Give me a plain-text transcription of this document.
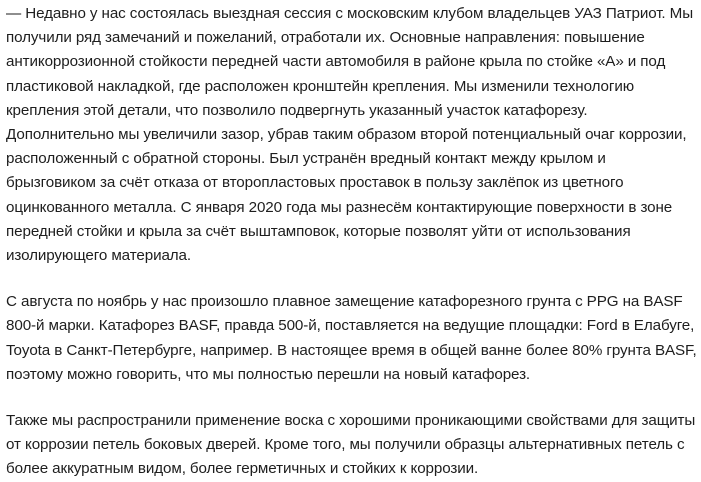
— Недавно у нас состоялась выездная сессия с московским клубом владельцев УАЗ Патриот. Мы получили ряд замечаний и пожеланий, отработали их. Основные направления: повышение антикоррозионной стойкости передней части автомобиля в районе крыла по стойке «А» и под пластиковой накладкой, где расположен кронштейн крепления. Мы изменили технологию крепления этой детали, что позволило подвергнуть указанный участок катафорезу. Дополнительно мы увеличили зазор, убрав таким образом второй потенциальный очаг коррозии, расположенный с обратной стороны. Был устранён вредный контакт между крылом и брызговиком за счёт отказа от второпластовых проставок в пользу заклёпок из цветного оцинкованного металла. С января 2020 года мы разнесём контактирующие поверхности в зоне передней стойки и крыла за счёт выштамповок, которые позволят уйти от использования изолирующего материала.

С августа по ноябрь у нас произошло плавное замещение катафорезного грунта с PPG на BASF 800-й марки. Катафорез BASF, правда 500-й, поставляется на ведущие площадки: Ford в Елабуге, Toyota в Санкт-Петербурге, например. В настоящее время в общей ванне более 80% грунта BASF, поэтому можно говорить, что мы полностью перешли на новый катафорез.

Также мы распространили применение воска с хорошими проникающими свойствами для защиты от коррозии петель боковых дверей. Кроме того, мы получили образцы альтернативных петель с более аккуратным видом, более герметичных и стойких к коррозии.
